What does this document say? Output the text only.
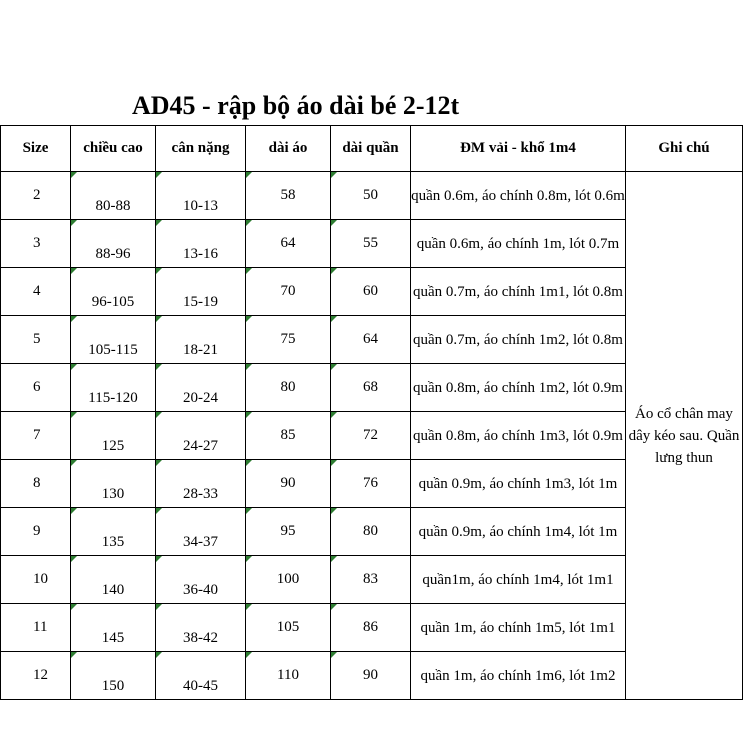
AD45 - rập bộ áo dài bé 2-12t
Size	chiều cao	cân nặng	dài áo	dài quần	ĐM vải - khổ 1m4	Ghi chú
2	80-88	10-13	58	50	quần 0.6m, áo chính 0.8m, lót 0.6m	Áo cổ chân may dây kéo sau. Quần lưng thun
3	88-96	13-16	64	55	quần 0.6m, áo chính 1m, lót 0.7m	
4	96-105	15-19	70	60	quần 0.7m, áo chính 1m1, lót 0.8m	
5	105-115	18-21	75	64	quần 0.7m, áo chính 1m2, lót 0.8m	
6	115-120	20-24	80	68	quần 0.8m, áo chính 1m2, lót 0.9m	
7	125	24-27	85	72	quần 0.8m, áo chính 1m3, lót 0.9m	
8	130	28-33	90	76	quần 0.9m, áo chính 1m3, lót 1m	
9	135	34-37	95	80	quần 0.9m, áo chính 1m4, lót 1m	
10	140	36-40	100	83	quần1m, áo chính 1m4, lót 1m1	
11	145	38-42	105	86	quần 1m, áo chính 1m5, lót 1m1	
12	150	40-45	110	90	quần 1m, áo chính 1m6, lót 1m2	
